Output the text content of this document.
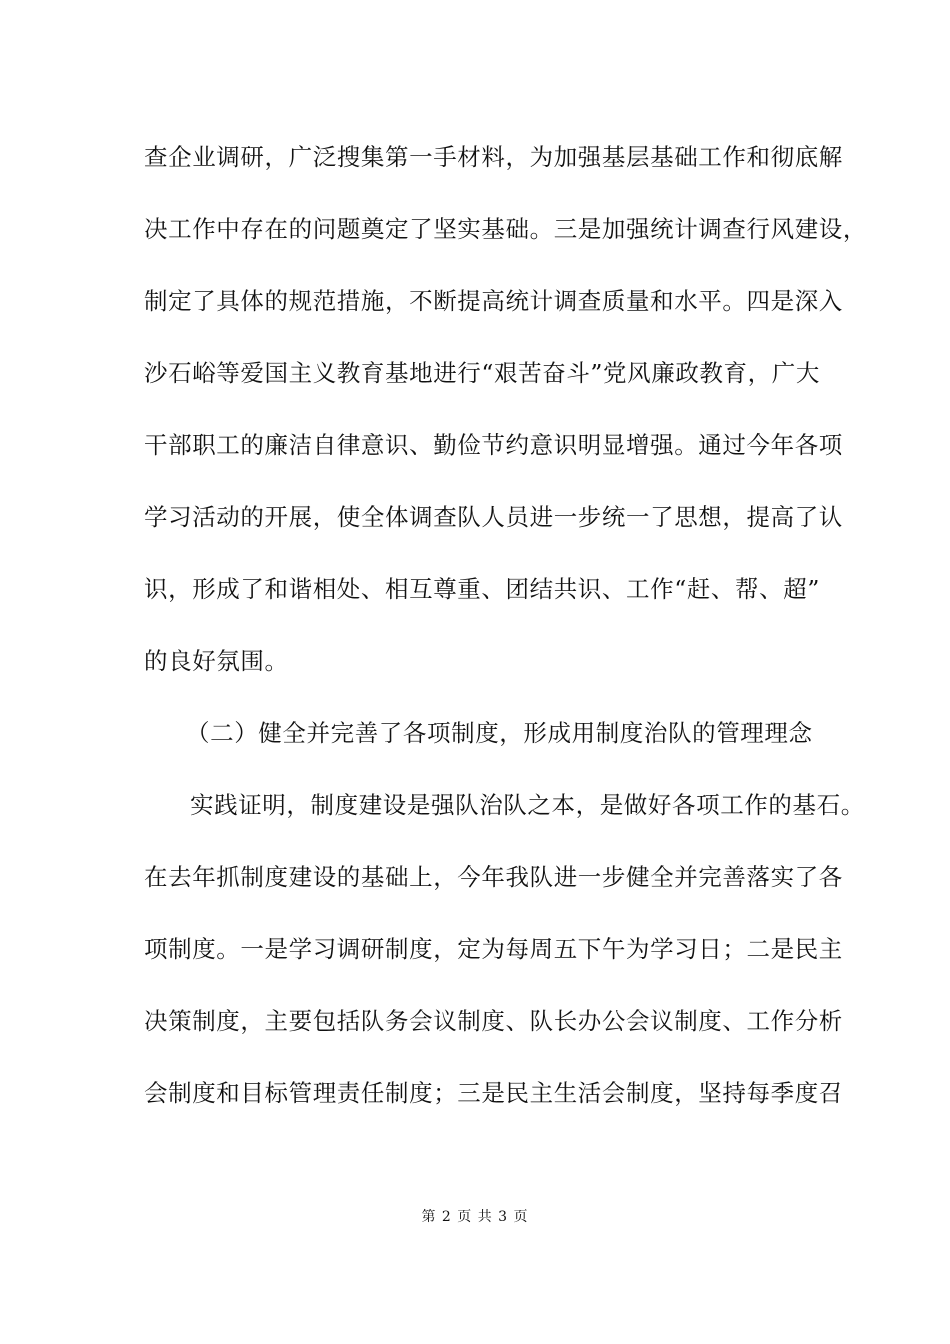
查企业调研，广泛搜集第一手材料，为加强基层基础工作和彻底解
决工作中存在的问题奠定了坚实基础。三是加强统计调查行风建设，
制定了具体的规范措施，不断提高统计调查质量和水平。四是深入
沙石峪等爱国主义教育基地进行“艰苦奋斗”党风廉政教育，广大
干部职工的廉洁自律意识、勤俭节约意识明显增强。通过今年各项
学习活动的开展，使全体调查队人员进一步统一了思想，提高了认
识，形成了和谐相处、相互尊重、团结共识、工作“赶、帮、超”
的良好氛围。
（二）健全并完善了各项制度，形成用制度治队的管理理念
实践证明，制度建设是强队治队之本，是做好各项工作的基石。
在去年抓制度建设的基础上，今年我队进一步健全并完善落实了各
项制度。一是学习调研制度，定为每周五下午为学习日；二是民主
决策制度，主要包括队务会议制度、队长办公会议制度、工作分析
会制度和目标管理责任制度；三是民主生活会制度，坚持每季度召
第 2 页 共 3 页
